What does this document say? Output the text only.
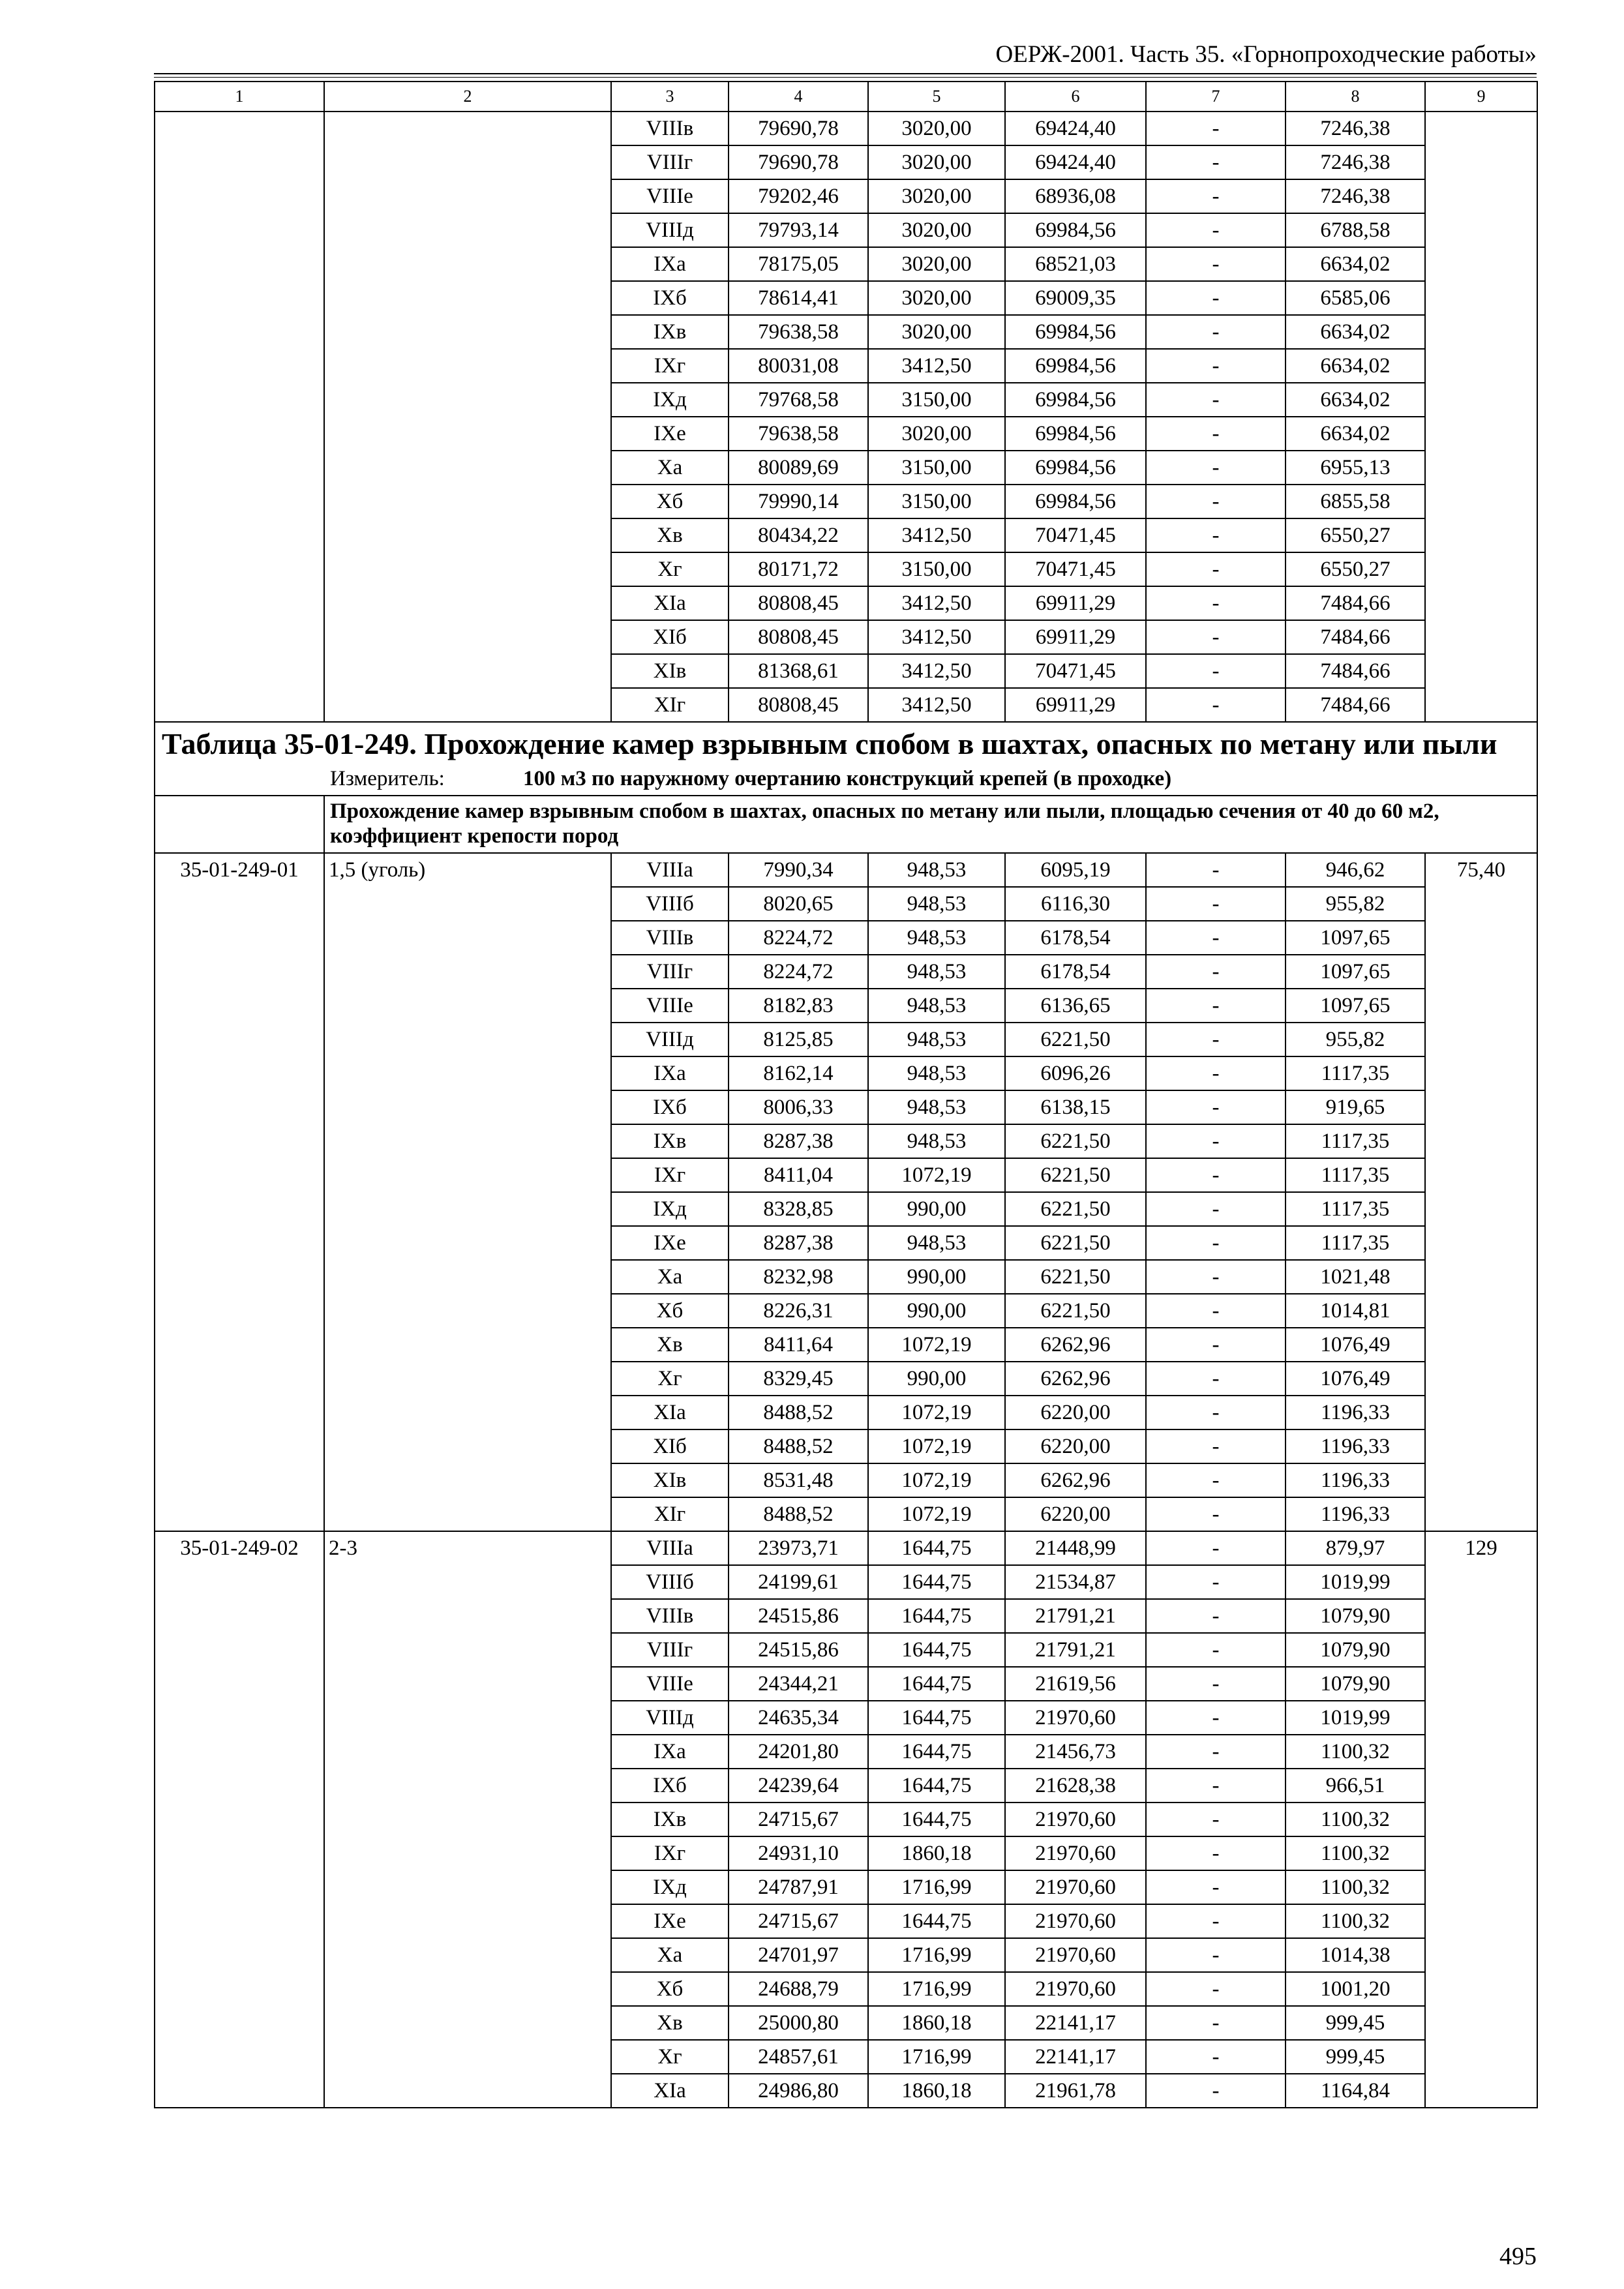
ОЕРЖ-2001. Часть 35. «Горнопроходческие работы»
1	2	3	4	5	6	7	8	9
		VIIIв	79690,78	3020,00	69424,40	-	7246,38	
		VIIIг	79690,78	3020,00	69424,40	-	7246,38	
		VIIIе	79202,46	3020,00	68936,08	-	7246,38	
		VIIIд	79793,14	3020,00	69984,56	-	6788,58	
		IXa	78175,05	3020,00	68521,03	-	6634,02	
		IXб	78614,41	3020,00	69009,35	-	6585,06	
		IXв	79638,58	3020,00	69984,56	-	6634,02	
		IXг	80031,08	3412,50	69984,56	-	6634,02	
		IXд	79768,58	3150,00	69984,56	-	6634,02	
		IXе	79638,58	3020,00	69984,56	-	6634,02	
		Xa	80089,69	3150,00	69984,56	-	6955,13	
		Xб	79990,14	3150,00	69984,56	-	6855,58	
		Xв	80434,22	3412,50	70471,45	-	6550,27	
		Xг	80171,72	3150,00	70471,45	-	6550,27	
		XIa	80808,45	3412,50	69911,29	-	7484,66	
		XIб	80808,45	3412,50	69911,29	-	7484,66	
		XIв	81368,61	3412,50	70471,45	-	7484,66	
		XIг	80808,45	3412,50	69911,29	-	7484,66	
Таблица 35-01-249. Прохождение камер взрывным спобом в шахтах, опасных по метану или пыли								
Измеритель: 100 м3 по наружному очертанию конструкций крепей (в проходке)								
	Прохождение камер взрывным спобом в шахтах, опасных по метану или пыли, площадью сечения от 40 до 60 м2, коэффициент крепости пород							
35-01-249-01	1,5 (уголь)	VIIIa	7990,34	948,53	6095,19	-	946,62	75,40
		VIIIб	8020,65	948,53	6116,30	-	955,82	
		VIIIв	8224,72	948,53	6178,54	-	1097,65	
		VIIIг	8224,72	948,53	6178,54	-	1097,65	
		VIIIе	8182,83	948,53	6136,65	-	1097,65	
		VIIIд	8125,85	948,53	6221,50	-	955,82	
		IXa	8162,14	948,53	6096,26	-	1117,35	
		IXб	8006,33	948,53	6138,15	-	919,65	
		IXв	8287,38	948,53	6221,50	-	1117,35	
		IXг	8411,04	1072,19	6221,50	-	1117,35	
		IXд	8328,85	990,00	6221,50	-	1117,35	
		IXе	8287,38	948,53	6221,50	-	1117,35	
		Xa	8232,98	990,00	6221,50	-	1021,48	
		Xб	8226,31	990,00	6221,50	-	1014,81	
		Xв	8411,64	1072,19	6262,96	-	1076,49	
		Xг	8329,45	990,00	6262,96	-	1076,49	
		XIa	8488,52	1072,19	6220,00	-	1196,33	
		XIб	8488,52	1072,19	6220,00	-	1196,33	
		XIв	8531,48	1072,19	6262,96	-	1196,33	
		XIг	8488,52	1072,19	6220,00	-	1196,33	
35-01-249-02	2-3	VIIIa	23973,71	1644,75	21448,99	-	879,97	129
		VIIIб	24199,61	1644,75	21534,87	-	1019,99	
		VIIIв	24515,86	1644,75	21791,21	-	1079,90	
		VIIIг	24515,86	1644,75	21791,21	-	1079,90	
		VIIIе	24344,21	1644,75	21619,56	-	1079,90	
		VIIIд	24635,34	1644,75	21970,60	-	1019,99	
		IXa	24201,80	1644,75	21456,73	-	1100,32	
		IXб	24239,64	1644,75	21628,38	-	966,51	
		IXв	24715,67	1644,75	21970,60	-	1100,32	
		IXг	24931,10	1860,18	21970,60	-	1100,32	
		IXд	24787,91	1716,99	21970,60	-	1100,32	
		IXе	24715,67	1644,75	21970,60	-	1100,32	
		Xa	24701,97	1716,99	21970,60	-	1014,38	
		Xб	24688,79	1716,99	21970,60	-	1001,20	
		Xв	25000,80	1860,18	22141,17	-	999,45	
		Xг	24857,61	1716,99	22141,17	-	999,45	
		XIa	24986,80	1860,18	21961,78	-	1164,84	
495
